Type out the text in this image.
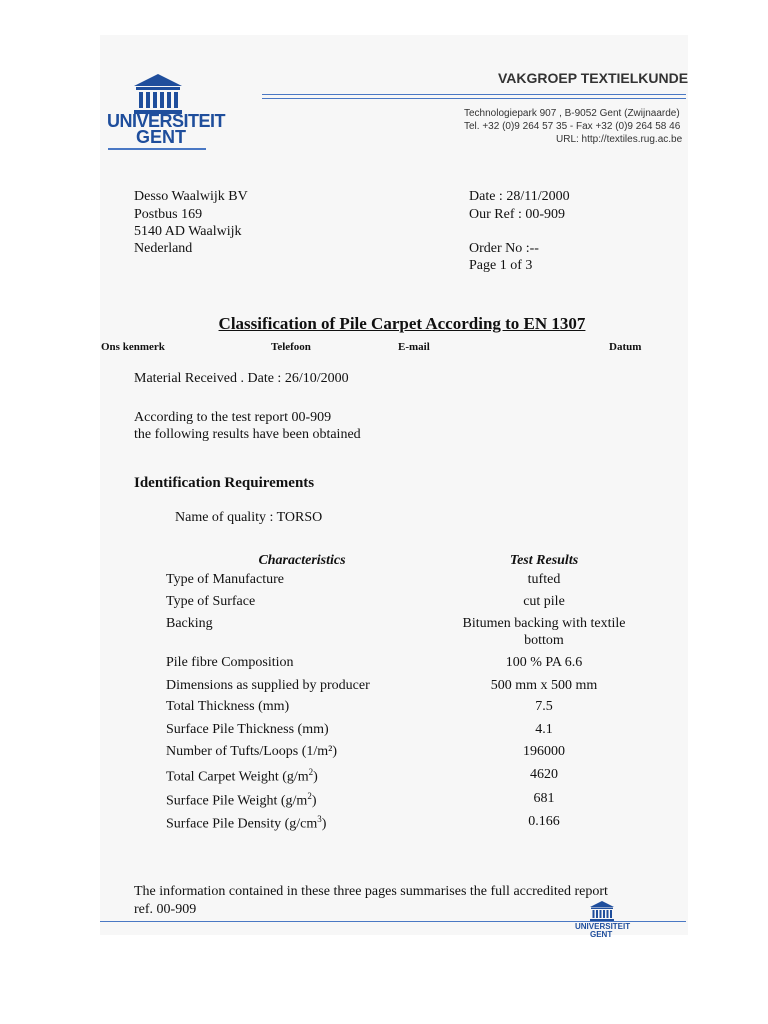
UNIVERSITEIT
GENT
VAKGROEP TEXTIELKUNDE
Technologiepark 907 , B-9052 Gent (Zwijnaarde)
Tel. +32 (0)9 264 57 35 - Fax +32 (0)9 264 58 46
URL: http://textiles.rug.ac.be
Desso Waalwijk BV
Postbus 169
5140 AD Waalwijk
Nederland
Date : 28/11/2000
Our Ref : 00-909
Order No :--
Page 1 of 3
Classification of Pile Carpet According to EN 1307
Ons kenmerk	Telefoon	E-mail	Datum
Material Received . Date : 26/10/2000
According to the test report 00-909
the following results have been obtained
Identification Requirements
Name of quality : TORSO
Characteristics	Test Results
Type of Manufacture	tufted
Type of Surface	cut pile
Backing	Bitumen backing with textile
bottom
Pile fibre Composition	100 % PA 6.6
Dimensions as supplied by producer	500 mm x 500 mm
Total Thickness (mm)	7.5
Surface Pile Thickness (mm)	4.1
Number of Tufts/Loops (1/m²)	196000
Total Carpet Weight $(g/m^2)$	4620
Surface Pile Weight $(g/m^2)$	681
Surface Pile Density $(g/cm^3)$	0.166
The information contained in these three pages summarises the full accredited report
ref. 00-909
UNIVERSITEIT
GENT
